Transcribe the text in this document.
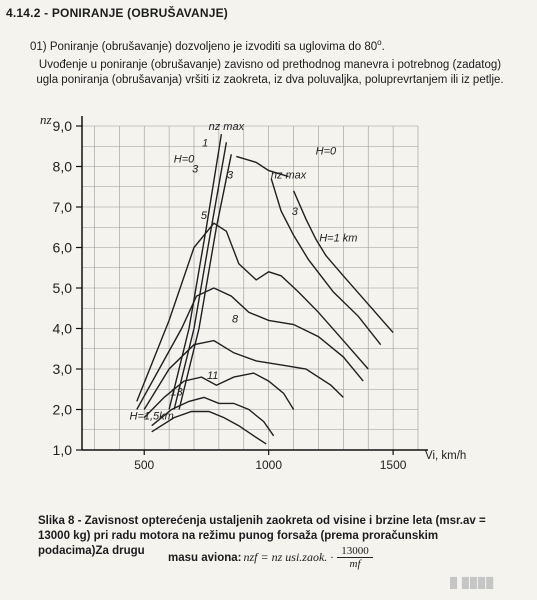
4.14.2 - PONIRANJE (OBRUŠAVANJE)
01) Poniranje (obrušavanje) dozvoljeno je izvoditi sa uglovima do 80$^o$.
Uvođenje u poniranje (obrušavanje) zavisno od prethodnog manevra i potrebnog (zadatog) ugla poniranja (obrušavanja) vršiti iz zaokreta, iz dva poluvaljka, poluprevrtanjem ili iz petlje.
1,0
2,0
3,0
4,0
5,0
6,0
7,0
8,0
9,0
500	1000	1500
H=0
1
3
nz max
3
H=0
nz max
3
5
H=1 km
8
11
13
H=1,5km
nz
Vi, km/h
Slika 8 - Zavisnost opterećenja ustaljenih zaokreta od visine i brzine leta (msr.av = 13000 kg) pri radu motora na režimu punog forsaža (prema proračunskim podacima)Za drugu
masu aviona: nzf = nz usi.zaok. · $\frac{13000}{mf}$
█ ████
